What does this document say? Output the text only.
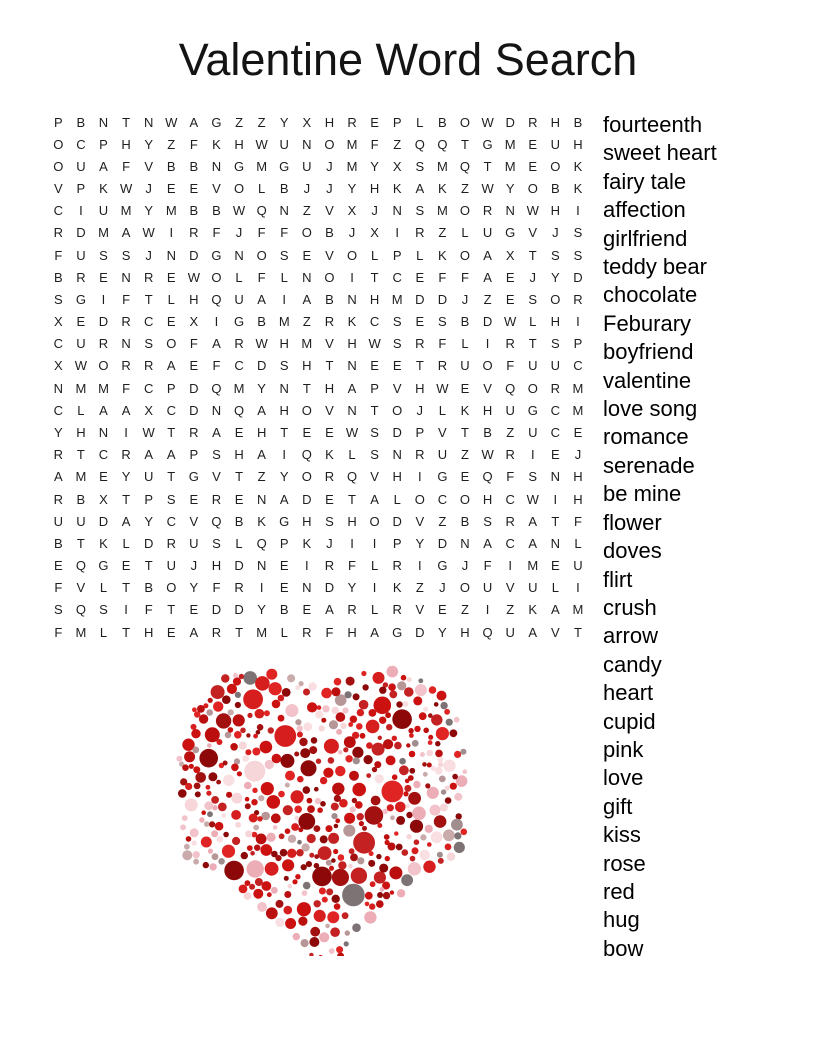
Valentine Word Search
P	B	N	T	N W A	G	Z	Z	Y	X	H	R	E	P	L	B	O W D	R	H	B
O C	P	H	Y	Z	F	K	H W U	N O M	F	Z	Q Q	T	G M E	U	H
O U	A	F	V	B	B	N G M G U	J	M Y	X	S M Q	T	M E	O	K
V	P	K W	J	E	E	V	O	L	B	J	J	Y	H	K	A	K	Z W Y	O	B	K
C	I	U M Y M B	B W Q N	Z	V	X	J	N	S M O R	N W H	I
R	D M A W	I	R	F	J	F	F	O	B	J	X	I	R	Z	L	U G	V	J	S
F	U	S	S	J	N	D G N O	S	E	V	O	L	P	L	K	O	A	X	T	S	S
B	R	E	N	R	E W O	L	F	L	N O	I	T	C	E	F	F	A	E	J	Y	D
S	G	I	F	T	L	H Q U	A	I	A	B	N	H M D	D	J	Z	E	S	O R
X	E	D	R	C	E	X	I	G	B M	Z	R	K	C	S	E	S	B	D W L	H	I
C	U	R	N	S	O	F	A	R W H M V	H W S	R	F	L	I	R	T	S	P
X W O R	R	A	E	F	C	D	S	H	T	N	E	E	T	R	U O	F	U	U	C
N M M	F	C	P	D Q M Y	N	T	H	A	P	V	H W E	V	Q O R M
C	L	A	A	X	C	D	N Q	A	H O	V	N	T	O	J	L	K	H	U G C M
Y	H	N	I	W T	R	A	E	H	T	E	E W S	D	P	V	T	B	Z	U	C	E
R	T	C	R	A	A	P	S	H	A	I	Q	K	L	S	N	R	U	Z W R	I	E	J
A M E	Y	U	T	G	V	T	Z	Y	O R Q	V	H	I	G	E	Q	F	S	N	H
R	B	X	T	P	S	E	R	E	N	A	D	E	T	A	L	O C O H	C W	I	H
U	U	D	A	Y	C	V	Q	B	K	G H	S	H O D	V	Z	B	S	R	A	T	F
B	T	K	L	D	R	U	S	L	Q	P	K	J	I	I	P	Y	D	N	A	C	A	N	L
E	Q G	E	T	U	J	H	D	N	E	I	R	F	L	R	I	G	J	F	I	M E	U
F	V	L	T	B	O	Y	F	R	I	E	N	D	Y	I	K	Z	J	O U	V	U	L	I
S	Q	S	I	F	T	E	D	D	Y	B	E	A	R	L	R	V	E	Z	I	Z	K	A M
F	M	L	T	H	E	A	R	T	M	L	R	F	H	A	G D	Y	H Q U	A	V	T
fourteenth
sweet heart
fairy tale
affection
girlfriend
teddy bear
chocolate
Feburary
boyfriend
valentine
love song
romance
serenade
be mine
flower
doves
flirt
crush
arrow
candy
heart
cupid
pink
love
gift
kiss
rose
red
hug
bow
